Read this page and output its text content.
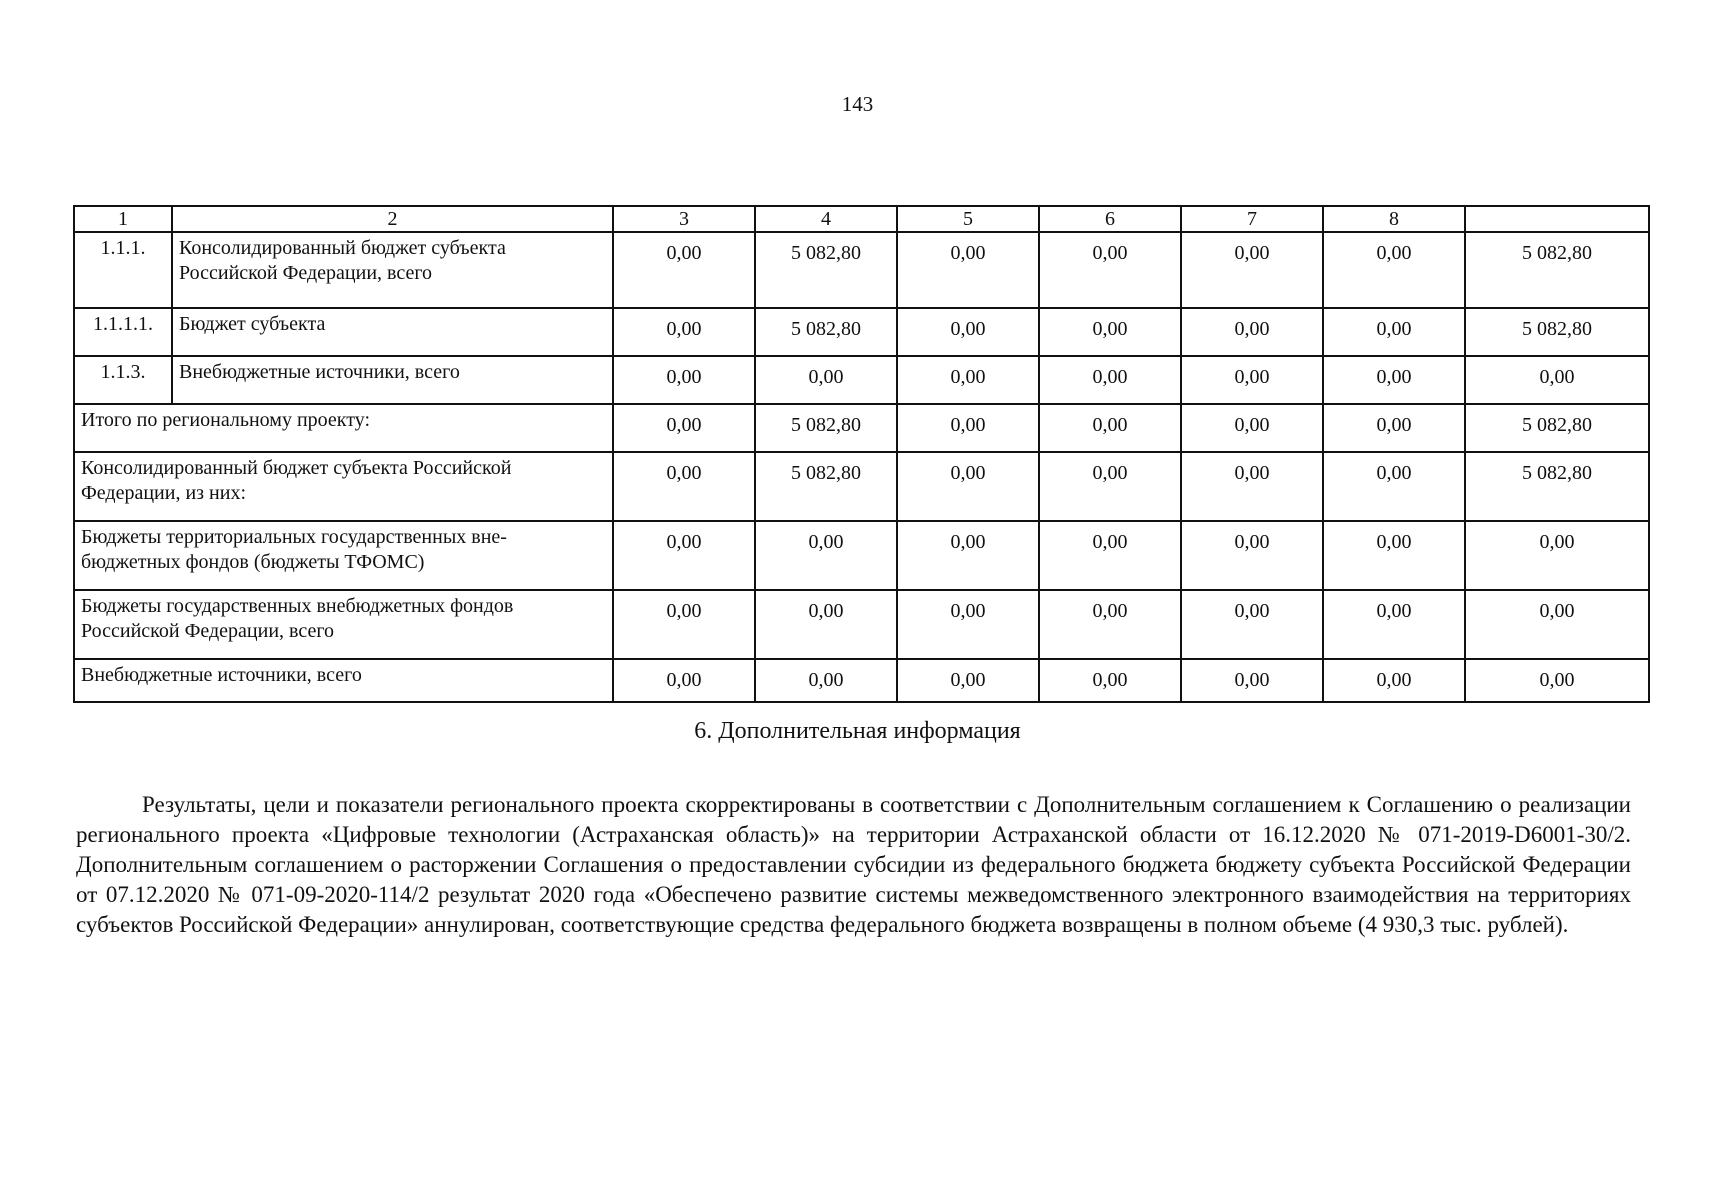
143
1	2	3	4	5	6	7	8	
1.1.1.	Консолидированный бюджет субъекта Российской Федерации, всего	0,00	5 082,80	0,00	0,00	0,00	0,00	5 082,80
1.1.1.1.	Бюджет субъекта	0,00	5 082,80	0,00	0,00	0,00	0,00	5 082,80
1.1.3.	Внебюджетные источники, всего	0,00	0,00	0,00	0,00	0,00	0,00	0,00
Итого по региональному проекту:		0,00	5 082,80	0,00	0,00	0,00	0,00	5 082,80
Консолидированный бюджет субъекта Российской Федерации, из них:		0,00	5 082,80	0,00	0,00	0,00	0,00	5 082,80
Бюджеты территориальных государственных вне-бюджетных фондов (бюджеты ТФОМС)		0,00	0,00	0,00	0,00	0,00	0,00	0,00
Бюджеты государственных внебюджетных фондов Российской Федерации, всего		0,00	0,00	0,00	0,00	0,00	0,00	0,00
Внебюджетные источники, всего		0,00	0,00	0,00	0,00	0,00	0,00	0,00
6. Дополнительная информация

Результаты, цели и показатели регионального проекта скорректированы в соответствии с Дополнительным соглашением к Соглашению о реализации регионального проекта «Цифровые технологии (Астраханская область)» на территории Астраханской области от 16.12.2020 № 071-2019-D6001-30/2. Дополнительным соглашением о расторжении Соглашения о предоставлении субсидии из федерального бюджета бюджету субъекта Российской Федерации от 07.12.2020 № 071-09-2020-114/2 результат 2020 года «Обеспечено развитие системы межведомственного электронного взаимодействия на территориях субъектов Российской Федерации» аннулирован, соответствующие средства федерального бюджета возвращены в полном объеме (4 930,3 тыс. рублей).
